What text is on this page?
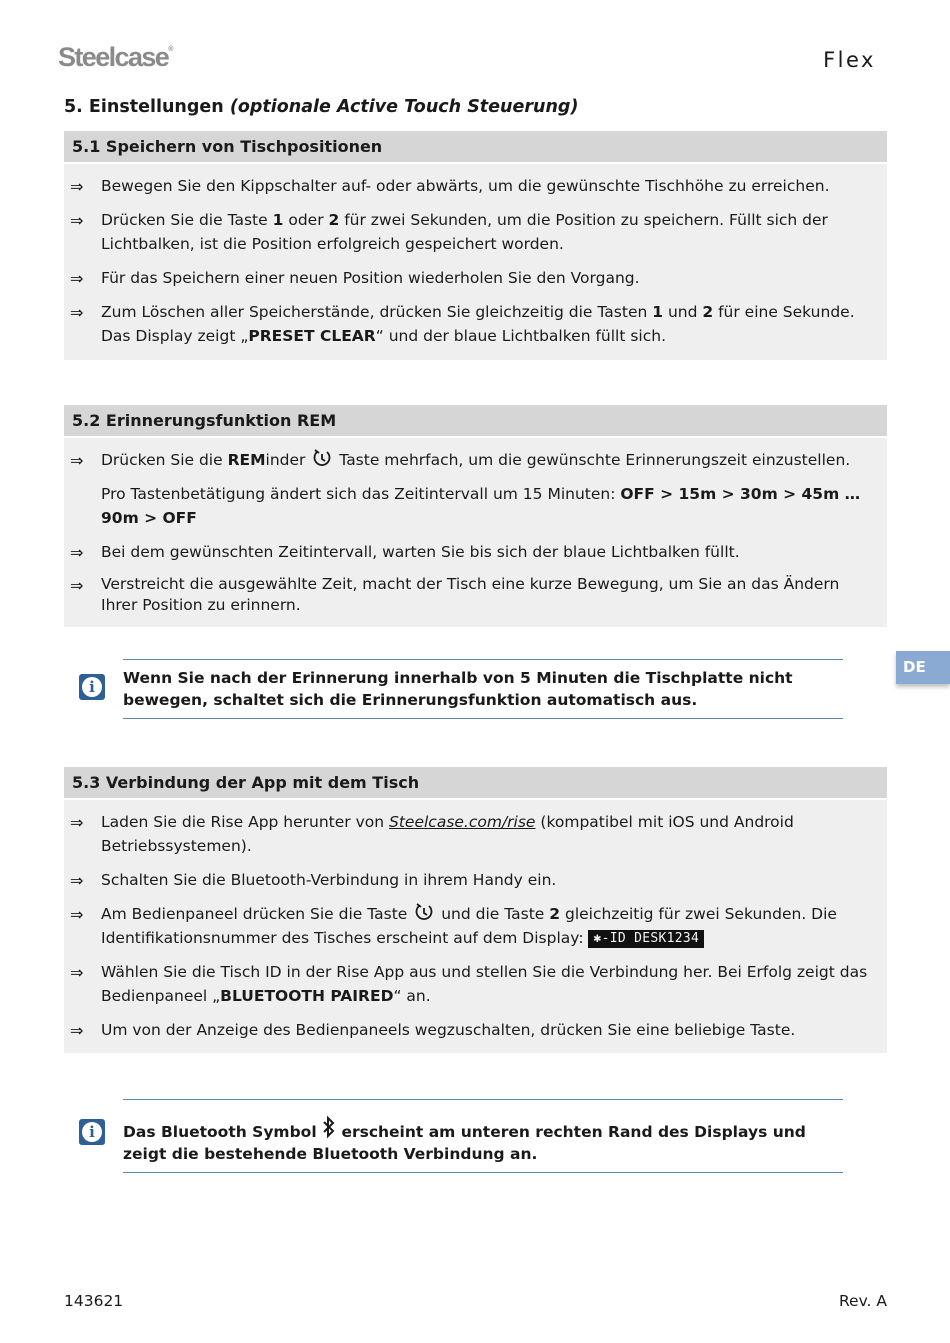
Steelcase®	Flex
5. Einstellungen (optionale Active Touch Steuerung)
5.1 Speichern von Tischpositionen
⇒ Bewegen Sie den Kippschalter auf- oder abwärts, um die gewünschte Tischhöhe zu erreichen.
⇒ Drücken Sie die Taste 1 oder 2 für zwei Sekunden, um die Position zu speichern. Füllt sich der Lichtbalken, ist die Position erfolgreich gespeichert worden.
⇒ Für das Speichern einer neuen Position wiederholen Sie den Vorgang.
⇒ Zum Löschen aller Speicherstände, drücken Sie gleichzeitig die Tasten 1 und 2 für eine Sekunde. Das Display zeigt „PRESET CLEAR“ und der blaue Lichtbalken füllt sich.
5.2 Erinnerungsfunktion REM
⇒ Drücken Sie die REMinder  Taste mehrfach, um die gewünschte Erinnerungszeit einzustellen.
Pro Tastenbetätigung ändert sich das Zeitintervall um 15 Minuten: OFF > 15m > 30m > 45m … 90m > OFF
⇒ Bei dem gewünschten Zeitintervall, warten Sie bis sich der blaue Lichtbalken füllt.
⇒ Verstreicht die ausgewählte Zeit, macht der Tisch eine kurze Bewegung, um Sie an das Ändern Ihrer Position zu erinnern.
i	Wenn Sie nach der Erinnerung innerhalb von 5 Minuten die Tischplatte nicht bewegen, schaltet sich die Erinnerungsfunktion automatisch aus.
DE
5.3 Verbindung der App mit dem Tisch
⇒ Laden Sie die Rise App herunter von Steelcase.com/rise (kompatibel mit iOS und Android Betriebssystemen).
⇒ Schalten Sie die Bluetooth-Verbindung in ihrem Handy ein.
⇒ Am Bedienpaneel drücken Sie die Taste  und die Taste 2 gleichzeitig für zwei Sekunden. Die Identifikationsnummer des Tisches erscheint auf dem Display: ✱-ID DESK1234
⇒ Wählen Sie die Tisch ID in der Rise App aus und stellen Sie die Verbindung her. Bei Erfolg zeigt das Bedienpaneel „BLUETOOTH PAIRED“ an.
⇒ Um von der Anzeige des Bedienpaneels wegzuschalten, drücken Sie eine beliebige Taste.
i	Das Bluetooth Symbol  erscheint am unteren rechten Rand des Displays und zeigt die bestehende Bluetooth Verbindung an.
143621	Rev. A
